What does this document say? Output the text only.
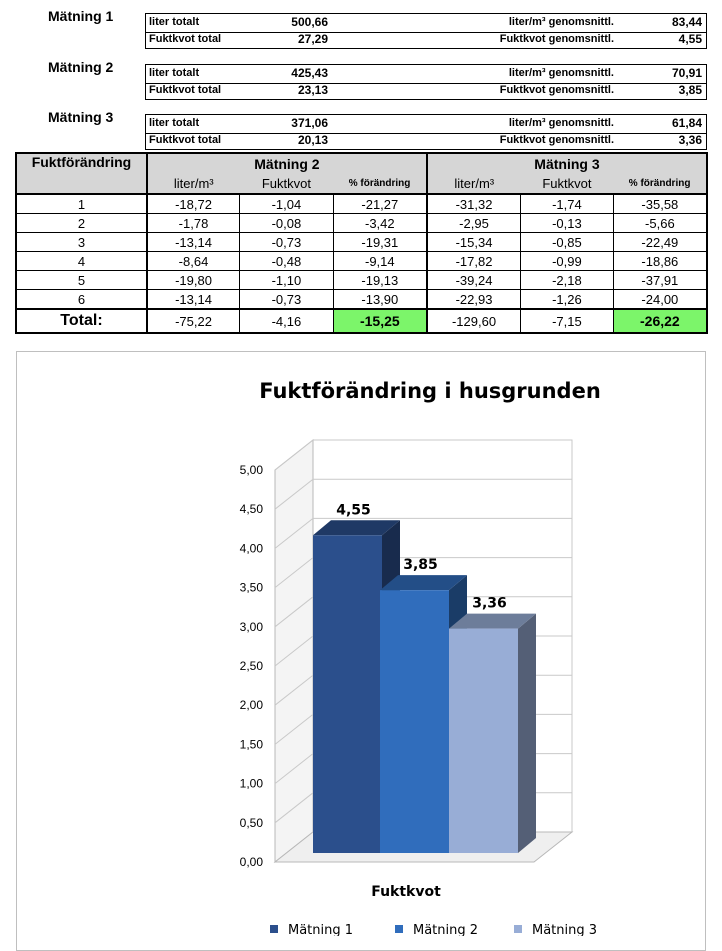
Mätning 1	liter totalt	500,66	liter/m³ genomsnittl.	83,44
Fuktkvot total	27,29	Fuktkvot genomsnittl.	4,55
Mätning 2	liter totalt	425,43	liter/m³ genomsnittl.	70,91
Fuktkvot total	23,13	Fuktkvot genomsnittl.	3,85
Mätning 3	liter totalt	371,06	liter/m³ genomsnittl.	61,84
Fuktkvot total	20,13	Fuktkvot genomsnittl.	3,36
Fuktförändring	Mätning 2			Mätning 3		
	liter/m³	Fuktkvot	% förändring	liter/m³	Fuktkvot	% förändring
1	-18,72	-1,04	-21,27	-31,32	-1,74	-35,58
2	-1,78	-0,08	-3,42	-2,95	-0,13	-5,66
3	-13,14	-0,73	-19,31	-15,34	-0,85	-22,49
4	-8,64	-0,48	-9,14	-17,82	-0,99	-18,86
5	-19,80	-1,10	-19,13	-39,24	-2,18	-37,91
6	-13,14	-0,73	-13,90	-22,93	-1,26	-24,00
Total:	-75,22	-4,16	-15,25	-129,60	-7,15	-26,22
Fuktförändring i husgrunden
0,00
0,50
1,00
1,50
2,00
2,50
3,00
3,50
4,00
4,50
5,00
4,55
3,85
3,36
Fuktkvot
Mätning 1	Mätning 2	Mätning 3
